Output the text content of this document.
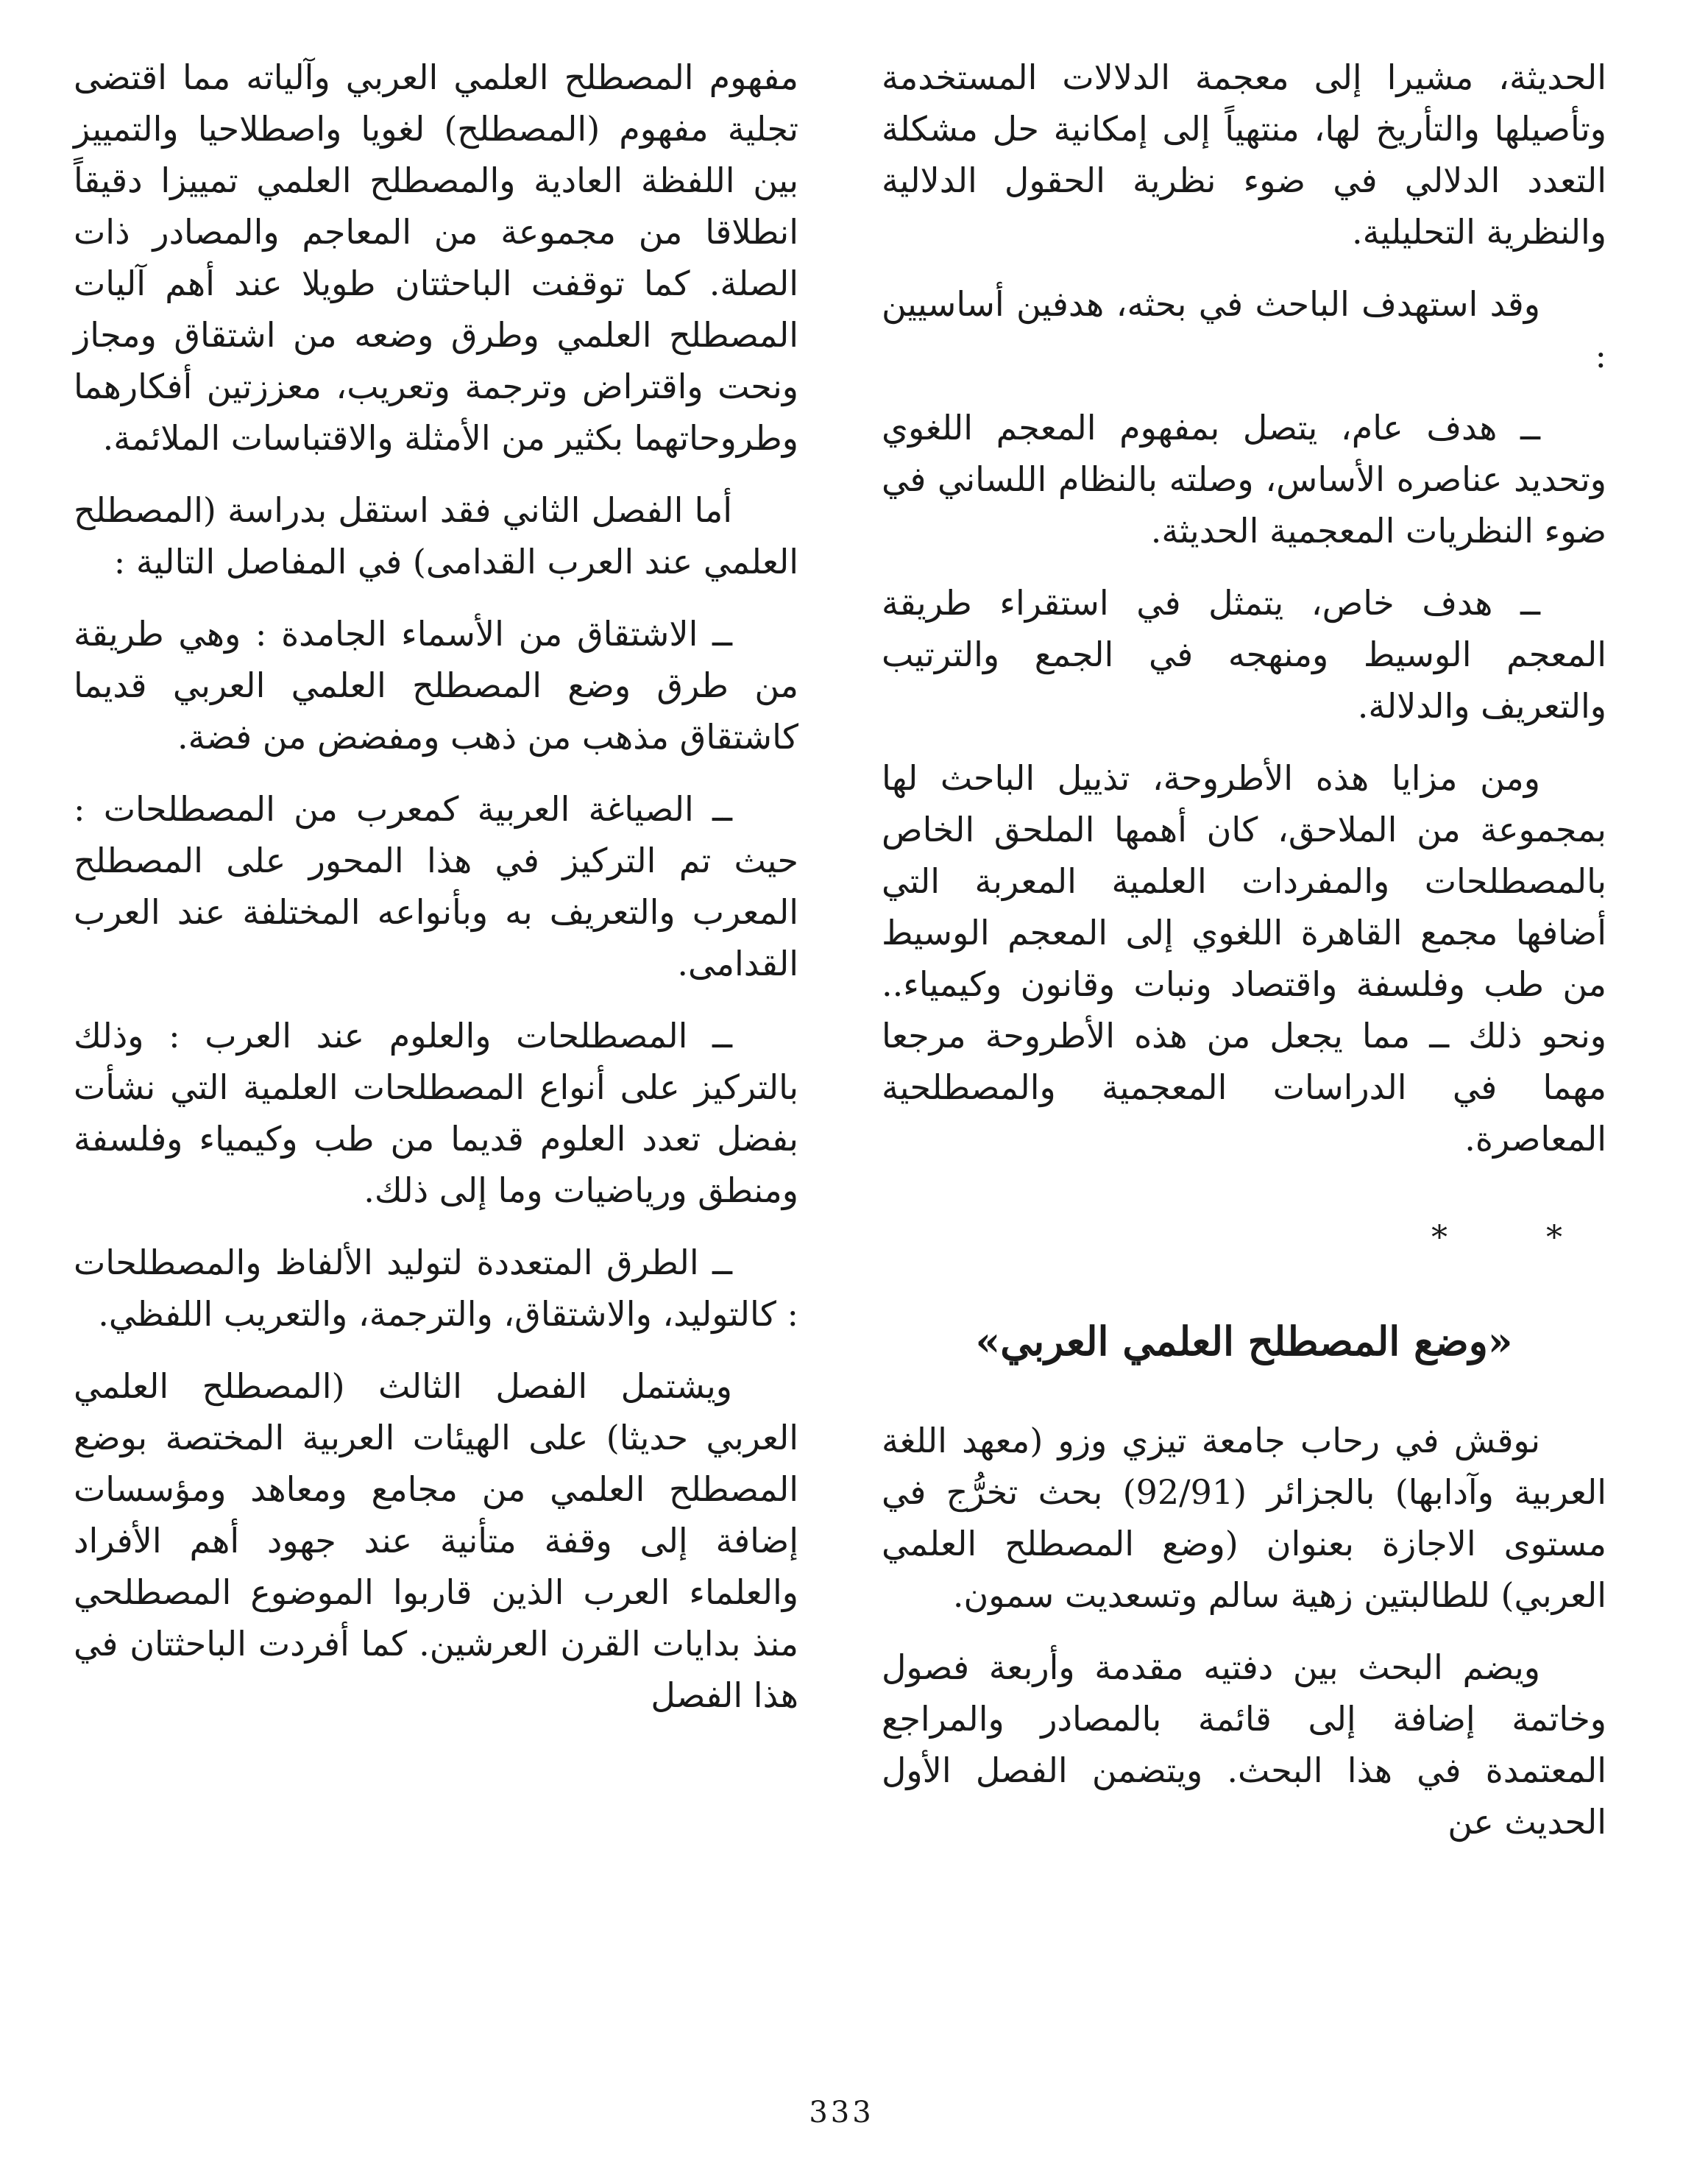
الحديثة، مشيرا إلى معجمة الدلالات المستخدمة وتأصيلها والتأريخ لها، منتهياً إلى إمكانية حل مشكلة التعدد الدلالي في ضوء نظرية الحقول الدلالية والنظرية التحليلية.

وقد استهدف الباحث في بحثه، هدفين أساسيين :

ــ هدف عام، يتصل بمفهوم المعجم اللغوي وتحديد عناصره الأساس، وصلته بالنظام اللساني في ضوء النظريات المعجمية الحديثة.

ــ هدف خاص، يتمثل في استقراء طريقة المعجم الوسيط ومنهجه في الجمع والترتيب والتعريف والدلالة.

ومن مزايا هذه الأطروحة، تذييل الباحث لها بمجموعة من الملاحق، كان أهمها الملحق الخاص بالمصطلحات والمفردات العلمية المعربة التي أضافها مجمع القاهرة اللغوي إلى المعجم الوسيط من طب وفلسفة واقتصاد ونبات وقانون وكيمياء.. ونحو ذلك ــ مما يجعل من هذه الأطروحة مرجعا مهما في الدراسات المعجمية والمصطلحية المعاصرة.

* *
«وضع المصطلح العلمي العربي»

نوقش في رحاب جامعة تيزي وزو (معهد اللغة العربية وآدابها) بالجزائر (92/91) بحث تخرُّج في مستوى الاجازة بعنوان (وضع المصطلح العلمي العربي) للطالبتين زهية سالم وتسعديت سمون.

ويضم البحث بين دفتيه مقدمة وأربعة فصول وخاتمة إضافة إلى قائمة بالمصادر والمراجع المعتمدة في هذا البحث. ويتضمن الفصل الأول الحديث عن

مفهوم المصطلح العلمي العربي وآلياته مما اقتضى تجلية مفهوم (المصطلح) لغويا واصطلاحيا والتمييز بين اللفظة العادية والمصطلح العلمي تمييزا دقيقاً انطلاقا من مجموعة من المعاجم والمصادر ذات الصلة. كما توقفت الباحثتان طويلا عند أهم آليات المصطلح العلمي وطرق وضعه من اشتقاق ومجاز ونحت واقتراض وترجمة وتعريب، معززتين أفكارهما وطروحاتهما بكثير من الأمثلة والاقتباسات الملائمة.

أما الفصل الثاني فقد استقل بدراسة (المصطلح العلمي عند العرب القدامى) في المفاصل التالية :

ــ الاشتقاق من الأسماء الجامدة : وهي طريقة من طرق وضع المصطلح العلمي العربي قديما كاشتقاق مذهب من ذهب ومفضض من فضة.

ــ الصياغة العربية كمعرب من المصطلحات : حيث تم التركيز في هذا المحور على المصطلح المعرب والتعريف به وبأنواعه المختلفة عند العرب القدامى.

ــ المصطلحات والعلوم عند العرب : وذلك بالتركيز على أنواع المصطلحات العلمية التي نشأت بفضل تعدد العلوم قديما من طب وكيمياء وفلسفة ومنطق ورياضيات وما إلى ذلك.

ــ الطرق المتعددة لتوليد الألفاظ والمصطلحات : كالتوليد، والاشتقاق، والترجمة، والتعريب اللفظي.

ويشتمل الفصل الثالث (المصطلح العلمي العربي حديثا) على الهيئات العربية المختصة بوضع المصطلح العلمي من مجامع ومعاهد ومؤسسات إضافة إلى وقفة متأنية عند جهود أهم الأفراد والعلماء العرب الذين قاربوا الموضوع المصطلحي منذ بدايات القرن العرشين. كما أفردت الباحثتان في هذا الفصل

333
